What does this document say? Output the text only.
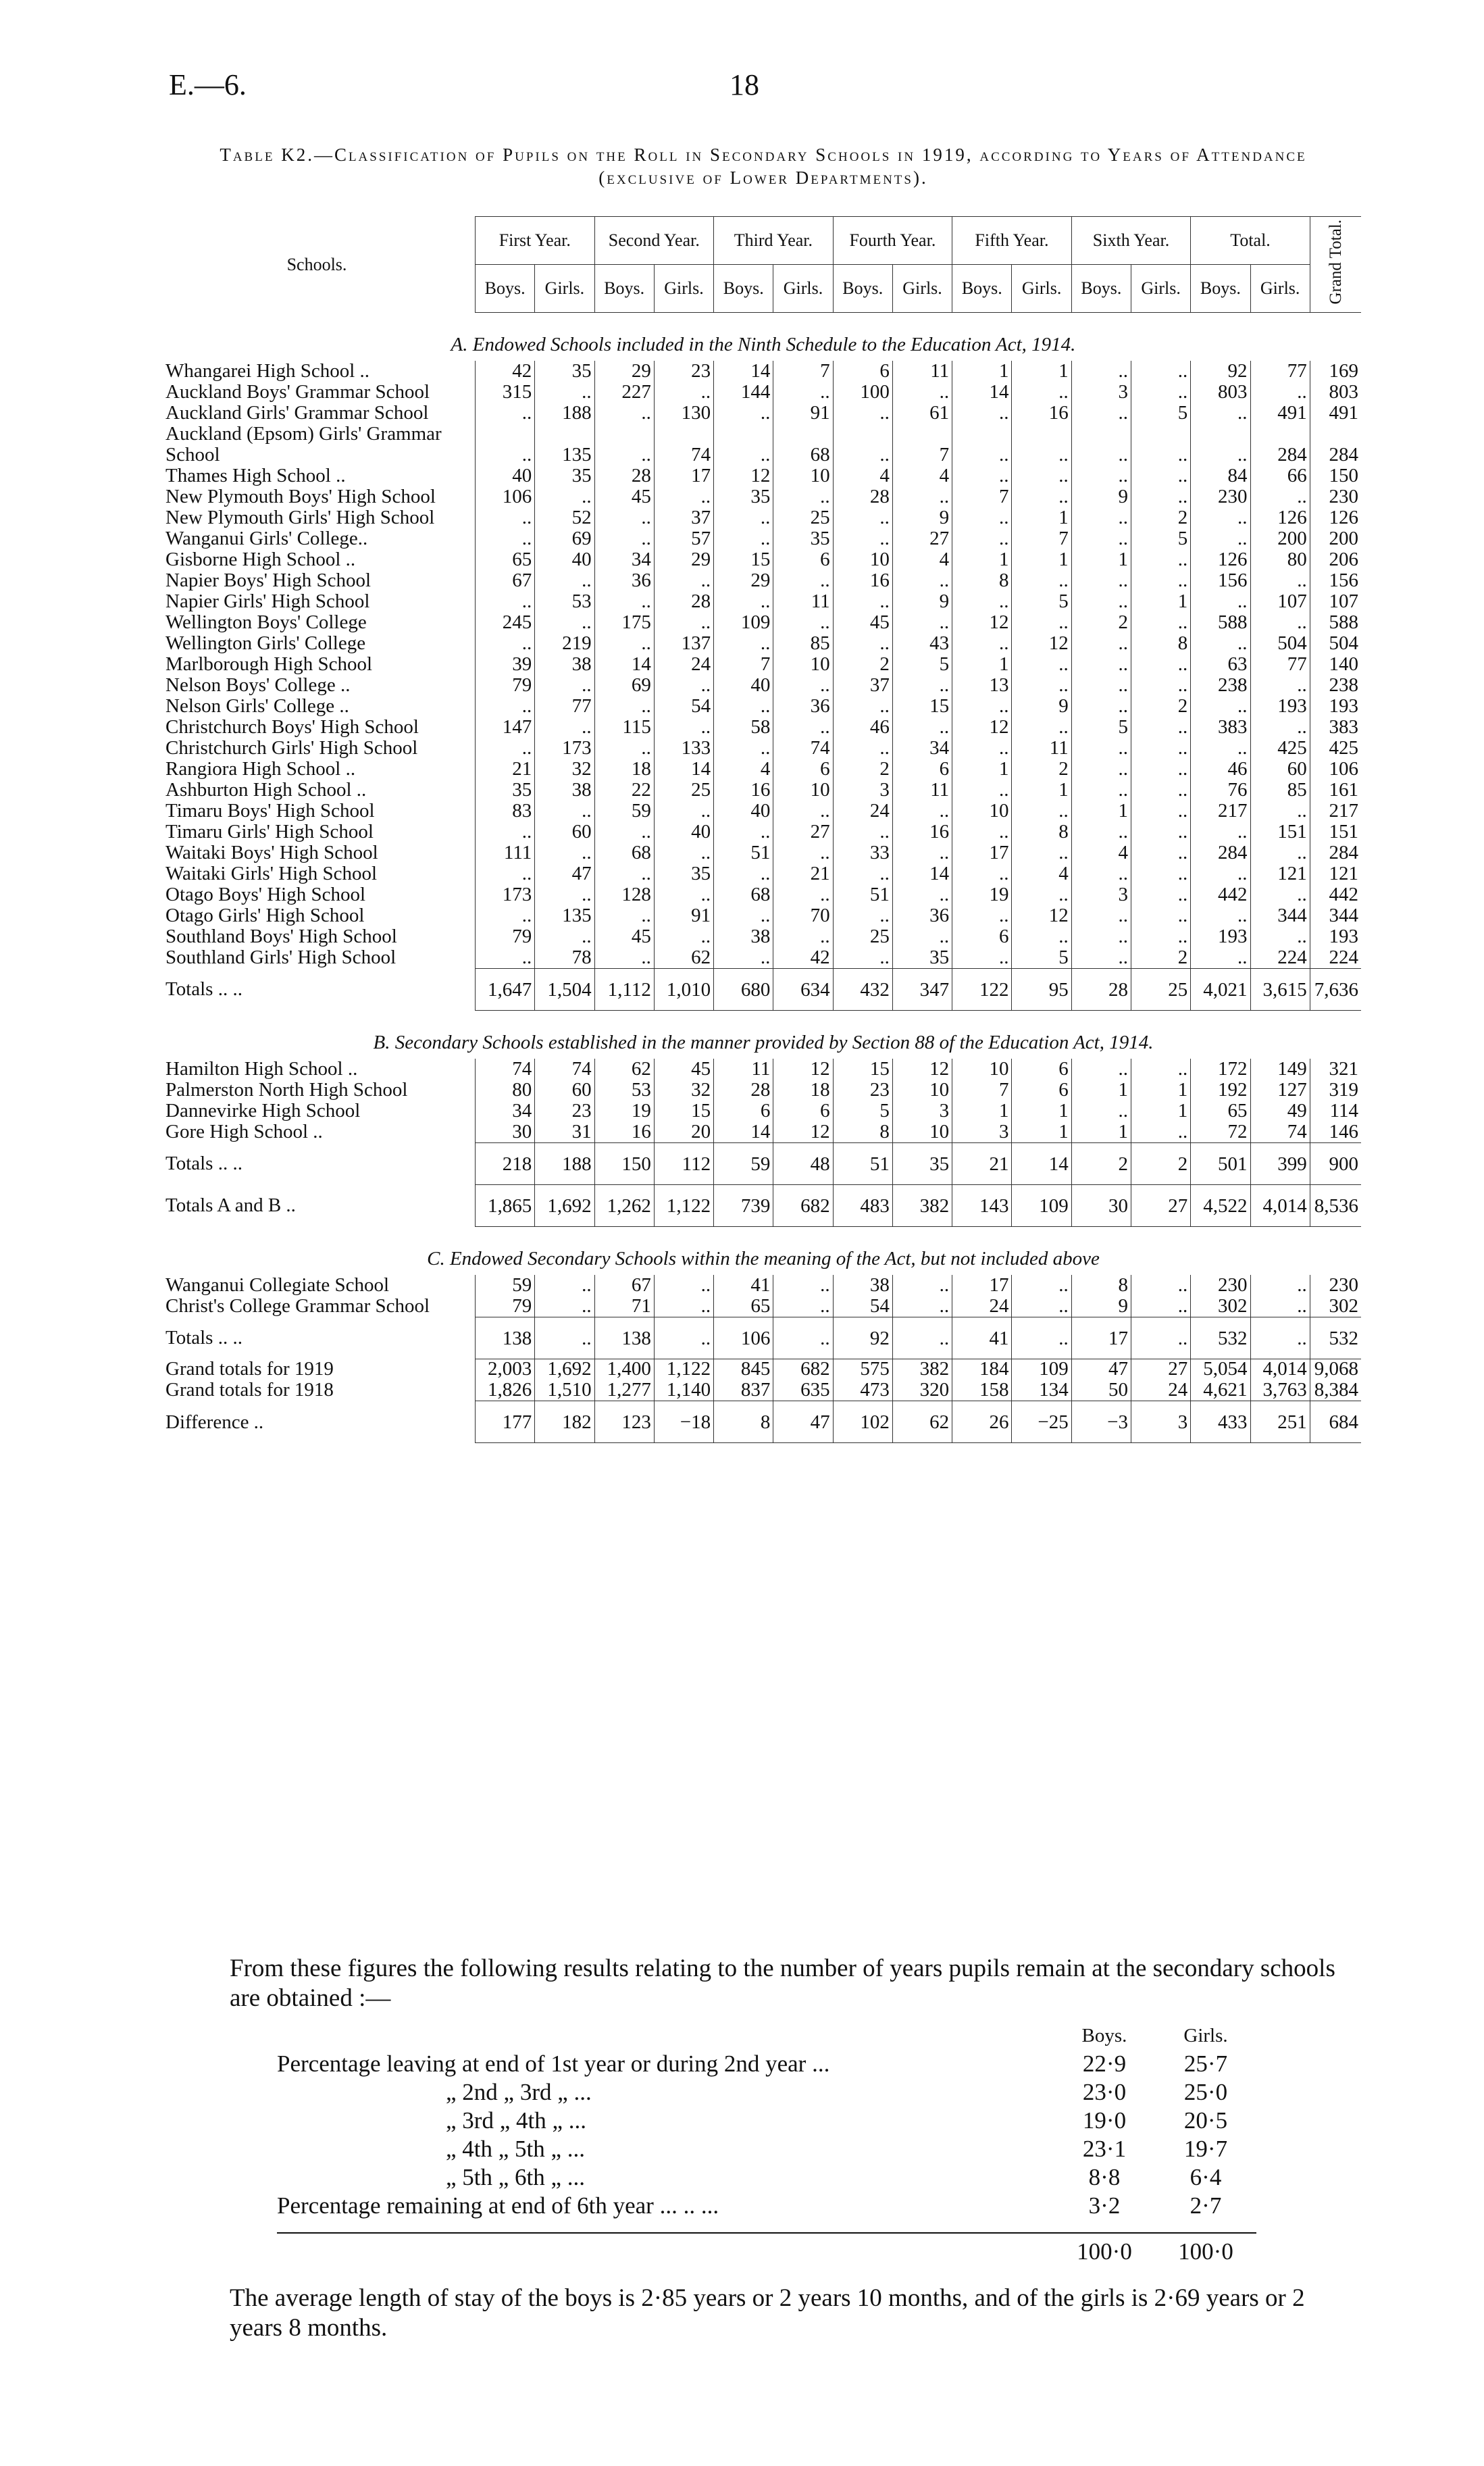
E.—6.	18
Table K2.—Classification of Pupils on the Roll in Secondary Schools in 1919, according to Years of Attendance (exclusive of Lower Departments).
Schools.	First Year.		Second Year.		Third Year.		Fourth Year.		Fifth Year.		Sixth Year.		Total.		Grand Total.
	Boys.	Girls.	Boys.	Girls.	Boys.	Girls.	Boys.	Girls.	Boys.	Girls.	Boys.	Girls.	Boys.	Girls.	
A. Endowed Schools included in the Ninth Schedule to the Education Act, 1914.															
Whangarei High School ..	42	35	29	23	14	7	6	11	1	1	..	..	92	77	169
Auckland Boys' Grammar School	315	..	227	..	144	..	100	..	14	..	3	..	803	..	803
Auckland Girls' Grammar School	..	188	..	130	..	91	..	61	..	16	..	5	..	491	491
Auckland (Epsom) Girls' Grammar School	..	135	..	74	..	68	..	7	..	..	..	..	..	284	284
Thames High School ..	40	35	28	17	12	10	4	4	..	..	..	..	84	66	150
New Plymouth Boys' High School	106	..	45	..	35	..	28	..	7	..	9	..	230	..	230
New Plymouth Girls' High School	..	52	..	37	..	25	..	9	..	1	..	2	..	126	126
Wanganui Girls' College..	..	69	..	57	..	35	..	27	..	7	..	5	..	200	200
Gisborne High School ..	65	40	34	29	15	6	10	4	1	1	1	..	126	80	206
Napier Boys' High School	67	..	36	..	29	..	16	..	8	..	..	..	156	..	156
Napier Girls' High School	..	53	..	28	..	11	..	9	..	5	..	1	..	107	107
Wellington Boys' College	245	..	175	..	109	..	45	..	12	..	2	..	588	..	588
Wellington Girls' College	..	219	..	137	..	85	..	43	..	12	..	8	..	504	504
Marlborough High School	39	38	14	24	7	10	2	5	1	..	..	..	63	77	140
Nelson Boys' College ..	79	..	69	..	40	..	37	..	13	..	..	..	238	..	238
Nelson Girls' College ..	..	77	..	54	..	36	..	15	..	9	..	2	..	193	193
Christchurch Boys' High School	147	..	115	..	58	..	46	..	12	..	5	..	383	..	383
Christchurch Girls' High School	..	173	..	133	..	74	..	34	..	11	..	..	..	425	425
Rangiora High School ..	21	32	18	14	4	6	2	6	1	2	..	..	46	60	106
Ashburton High School ..	35	38	22	25	16	10	3	11	..	1	..	..	76	85	161
Timaru Boys' High School	83	..	59	..	40	..	24	..	10	..	1	..	217	..	217
Timaru Girls' High School	..	60	..	40	..	27	..	16	..	8	..	..	..	151	151
Waitaki Boys' High School	111	..	68	..	51	..	33	..	17	..	4	..	284	..	284
Waitaki Girls' High School	..	47	..	35	..	21	..	14	..	4	..	..	..	121	121
Otago Boys' High School	173	..	128	..	68	..	51	..	19	..	3	..	442	..	442
Otago Girls' High School	..	135	..	91	..	70	..	36	..	12	..	..	..	344	344
Southland Boys' High School	79	..	45	..	38	..	25	..	6	..	..	..	193	..	193
Southland Girls' High School	..	78	..	62	..	42	..	35	..	5	..	2	..	224	224
Totals .. ..	1,647	1,504	1,112	1,010	680	634	432	347	122	95	28	25	4,021	3,615	7,636
B. Secondary Schools established in the manner provided by Section 88 of the Education Act, 1914.															
Hamilton High School ..	74	74	62	45	11	12	15	12	10	6	..	..	172	149	321
Palmerston North High School	80	60	53	32	28	18	23	10	7	6	1	1	192	127	319
Dannevirke High School	34	23	19	15	6	6	5	3	1	1	..	1	65	49	114
Gore High School ..	30	31	16	20	14	12	8	10	3	1	1	..	72	74	146
Totals .. ..	218	188	150	112	59	48	51	35	21	14	2	2	501	399	900
Totals A and B ..	1,865	1,692	1,262	1,122	739	682	483	382	143	109	30	27	4,522	4,014	8,536
C. Endowed Secondary Schools within the meaning of the Act, but not included above															
Wanganui Collegiate School	59	..	67	..	41	..	38	..	17	..	8	..	230	..	230
Christ's College Grammar School	79	..	71	..	65	..	54	..	24	..	9	..	302	..	302
Totals .. ..	138	..	138	..	106	..	92	..	41	..	17	..	532	..	532

Grand totals for 1919	2,003	1,692	1,400	1,122	845	682	575	382	184	109	47	27	5,054	4,014	9,068
Grand totals for 1918	1,826	1,510	1,277	1,140	837	635	473	320	158	134	50	24	4,621	3,763	8,384
Difference ..	177	182	123	−18	8	47	102	62	26	−25	−3	3	433	251	684
From these figures the following results relating to the number of years pupils remain at the secondary schools are obtained :—
Boys.	Girls.
Percentage leaving at end of 1st year or during 2nd year ...	22·9	25·7
„ 2nd „ 3rd „ ...	23·0	25·0
„ 3rd „ 4th „ ...	19·0	20·5
„ 4th „ 5th „ ...	23·1	19·7
„ 5th „ 6th „ ...	8·8	6·4
Percentage remaining at end of 6th year ... .. ...	3·2	2·7
100·0	100·0
The average length of stay of the boys is 2·85 years or 2 years 10 months, and of the girls is 2·69 years or 2 years 8 months.
